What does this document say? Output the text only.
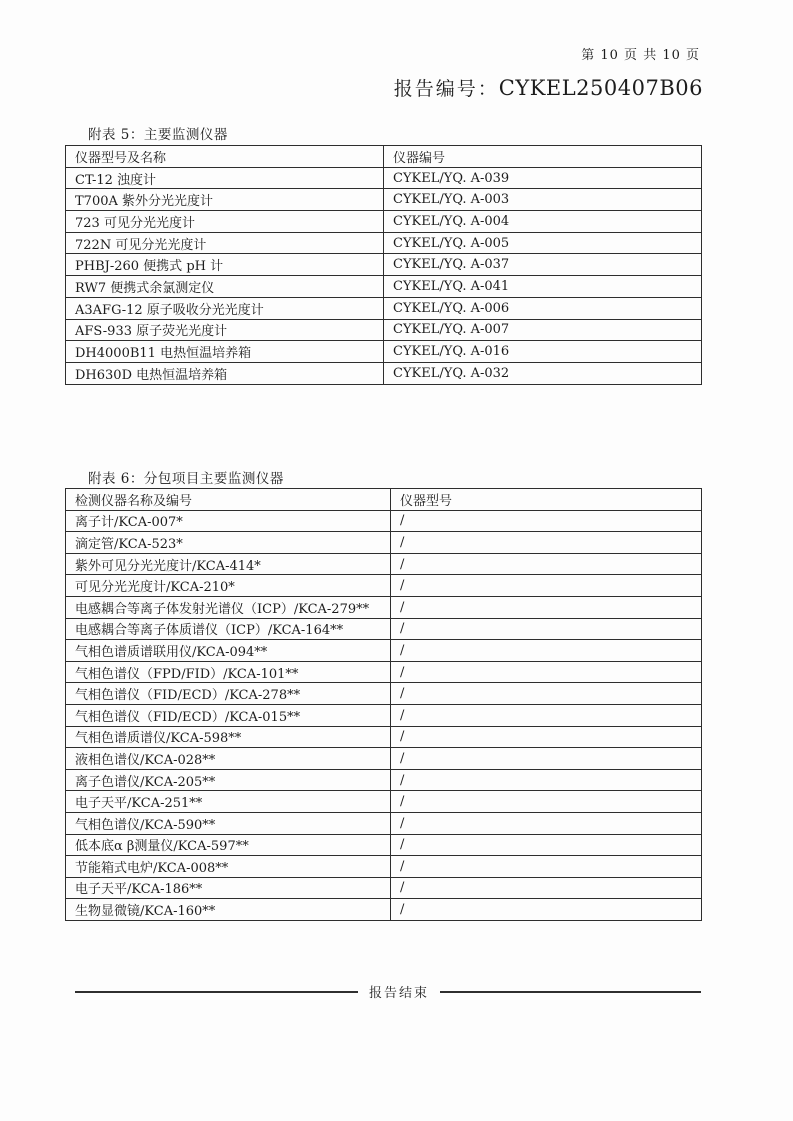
第 10 页 共 10 页
报告编号：CYKEL250407B06
附表 5：主要监测仪器
仪器型号及名称	仪器编号
CT-12 浊度计	CYKEL/YQ. A-039
T700A 紫外分光光度计	CYKEL/YQ. A-003
723 可见分光光度计	CYKEL/YQ. A-004
722N 可见分光光度计	CYKEL/YQ. A-005
PHBJ-260 便携式 pH 计	CYKEL/YQ. A-037
RW7 便携式余氯测定仪	CYKEL/YQ. A-041
A3AFG-12 原子吸收分光光度计	CYKEL/YQ. A-006
AFS-933 原子荧光光度计	CYKEL/YQ. A-007
DH4000B11 电热恒温培养箱	CYKEL/YQ. A-016
DH630D 电热恒温培养箱	CYKEL/YQ. A-032
附表 6：分包项目主要监测仪器
检测仪器名称及编号	仪器型号
离子计/KCA-007*	/
滴定管/KCA-523*	/
紫外可见分光光度计/KCA-414*	/
可见分光光度计/KCA-210*	/
电感耦合等离子体发射光谱仪（ICP）/KCA-279**	/
电感耦合等离子体质谱仪（ICP）/KCA-164**	/
气相色谱质谱联用仪/KCA-094**	/
气相色谱仪（FPD/FID）/KCA-101**	/
气相色谱仪（FID/ECD）/KCA-278**	/
气相色谱仪（FID/ECD）/KCA-015**	/
气相色谱质谱仪/KCA-598**	/
液相色谱仪/KCA-028**	/
离子色谱仪/KCA-205**	/
电子天平/KCA-251**	/
气相色谱仪/KCA-590**	/
低本底α β测量仪/KCA-597**	/
节能箱式电炉/KCA-008**	/
电子天平/KCA-186**	/
生物显微镜/KCA-160**	/
报告结束
